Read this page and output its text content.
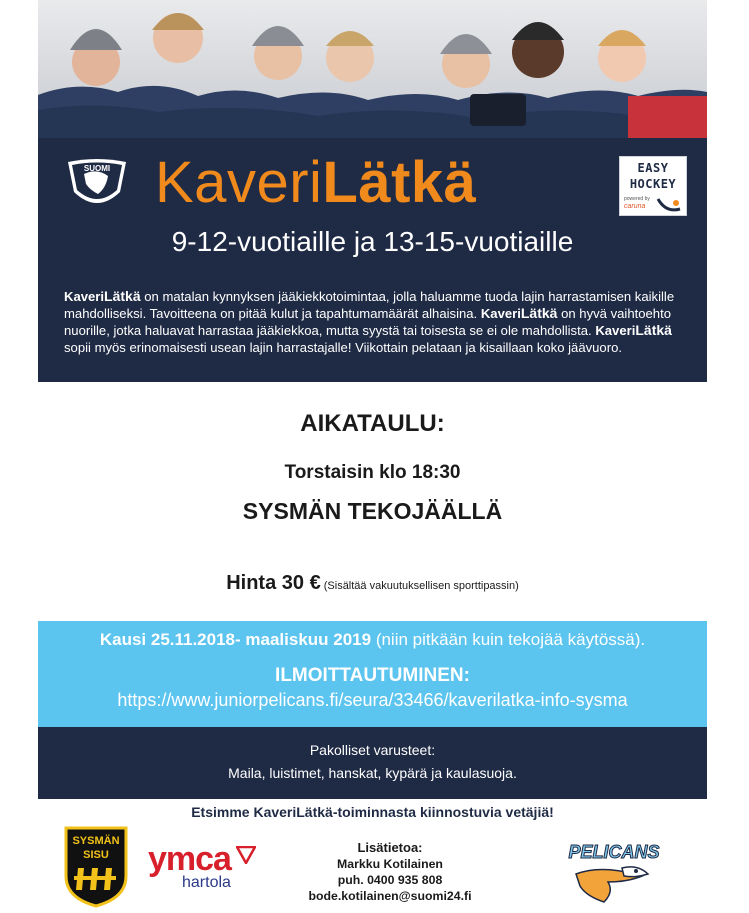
SUOMI KaveriLätkä	EASY
HOCKEY
powered by
caruna
9-12-vuotiaille ja 13-15-vuotiaille
KaveriLätkä on matalan kynnyksen jääkiekkotoimintaa, jolla haluamme tuoda lajin harrastamisen kaikille mahdolliseksi. Tavoitteena on pitää kulut ja tapahtumamäärät alhaisina. KaveriLätkä on hyvä vaihtoehto nuorille, jotka haluavat harrastaa jääkiekkoa, mutta syystä tai toisesta se ei ole mahdollista. KaveriLätkä sopii myös erinomaisesti usean lajin harrastajalle! Viikottain pelataan ja kisaillaan koko jäävuoro.
AIKATAULU:
Torstaisin klo 18:30
SYSMÄN TEKOJÄÄLLÄ
Hinta 30 € (Sisältää vakuutuksellisen sporttipassin)
Kausi 25.11.2018- maaliskuu 2019 (niin pitkään kuin tekojää käytössä).
ILMOITTAUTUMINEN:
https://www.juniorpelicans.fi/seura/33466/kaverilatka-info-sysma
Pakolliset varusteet:
Maila, luistimet, hanskat, kypärä ja kaulasuoja.
Etsimme KaveriLätkä-toiminnasta kiinnostuvia vetäjiä!
SYSMÄN
SISU ymca
hartola
Lisätietoa:
Markku Kotilainen
puh. 0400 935 808
bode.kotilainen@suomi24.fi
PELICANS
